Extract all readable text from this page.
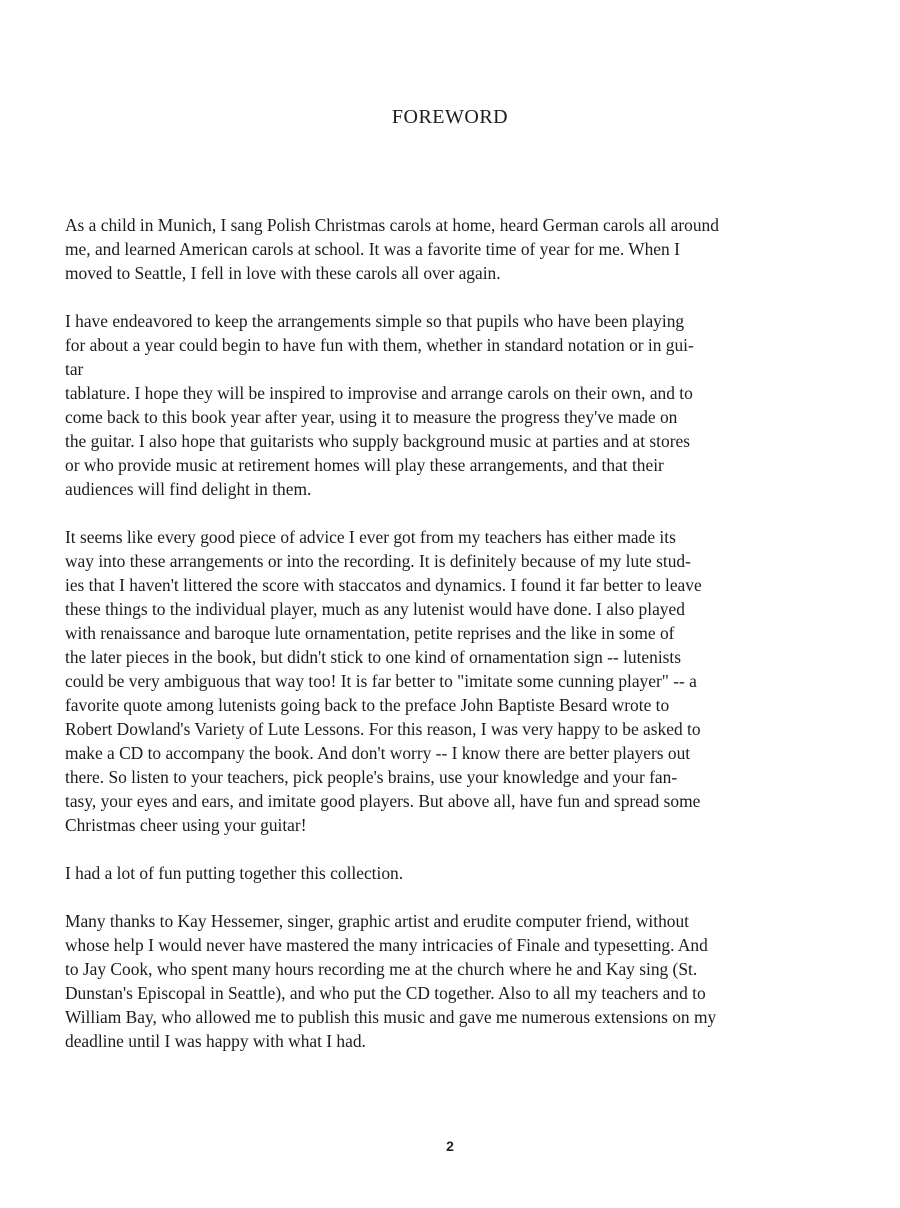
FOREWORD

As a child in Munich, I sang Polish Christmas carols at home, heard German carols all around
me, and learned American carols at school. It was a favorite time of year for me. When I
moved to Seattle, I fell in love with these carols all over again.

I have endeavored to keep the arrangements simple so that pupils who have been playing
for about a year could begin to have fun with them, whether in standard notation or in gui-
tar
tablature. I hope they will be inspired to improvise and arrange carols on their own, and to
come back to this book year after year, using it to measure the progress they've made on
the guitar. I also hope that guitarists who supply background music at parties and at stores
or who provide music at retirement homes will play these arrangements, and that their
audiences will find delight in them.

It seems like every good piece of advice I ever got from my teachers has either made its
way into these arrangements or into the recording. It is definitely because of my lute stud-
ies that I haven't littered the score with staccatos and dynamics. I found it far better to leave
these things to the individual player, much as any lutenist would have done. I also played
with renaissance and baroque lute ornamentation, petite reprises and the like in some of
the later pieces in the book, but didn't stick to one kind of ornamentation sign -- lutenists
could be very ambiguous that way too! It is far better to "imitate some cunning player" -- a
favorite quote among lutenists going back to the preface John Baptiste Besard wrote to
Robert Dowland's Variety of Lute Lessons. For this reason, I was very happy to be asked to
make a CD to accompany the book. And don't worry -- I know there are better players out
there. So listen to your teachers, pick people's brains, use your knowledge and your fan-
tasy, your eyes and ears, and imitate good players. But above all, have fun and spread some
Christmas cheer using your guitar!

I had a lot of fun putting together this collection.

Many thanks to Kay Hessemer, singer, graphic artist and erudite computer friend, without
whose help I would never have mastered the many intricacies of Finale and typesetting. And
to Jay Cook, who spent many hours recording me at the church where he and Kay sing (St.
Dunstan's Episcopal in Seattle), and who put the CD together. Also to all my teachers and to
William Bay, who allowed me to publish this music and gave me numerous extensions on my
deadline until I was happy with what I had.

2
